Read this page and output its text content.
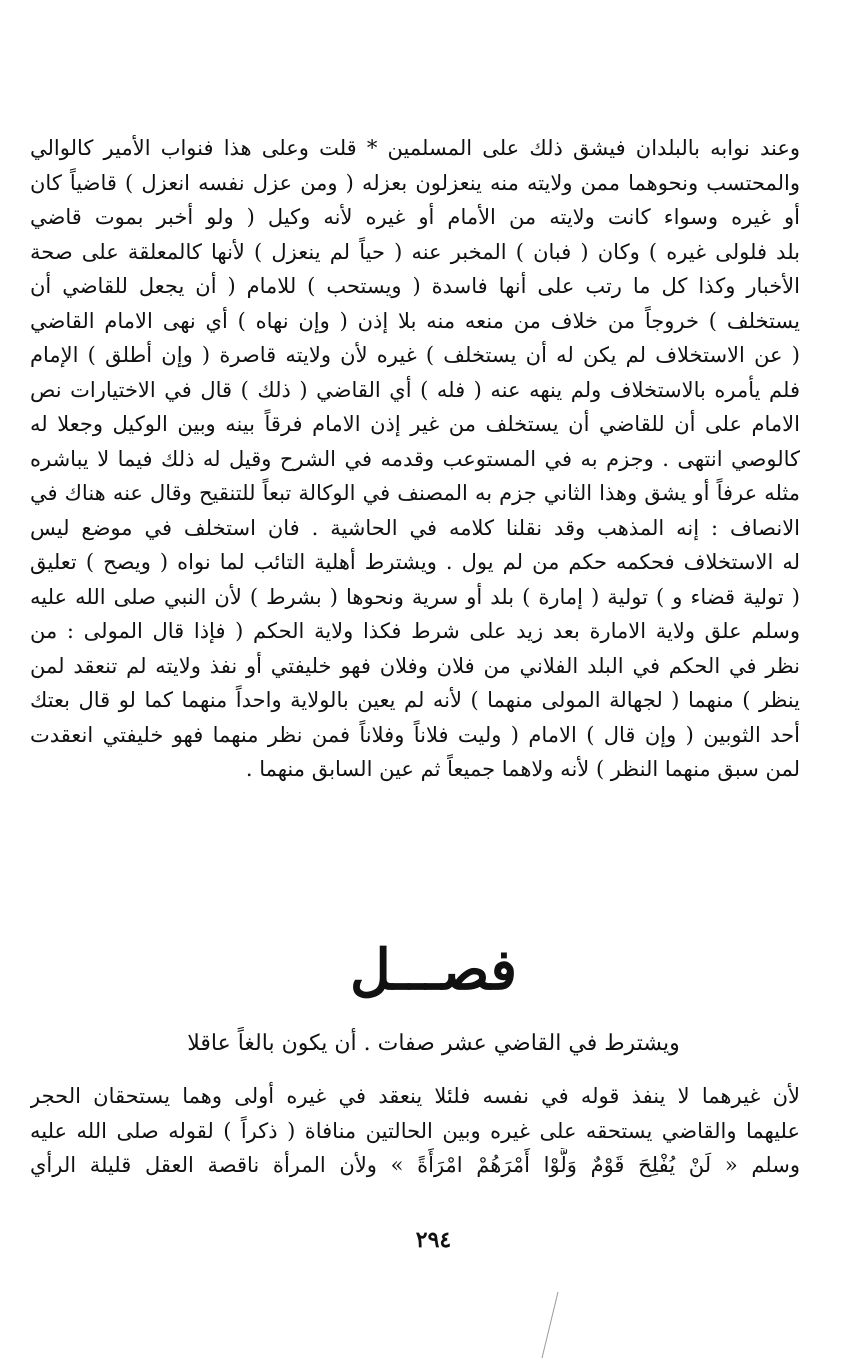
وعند نوابه بالبلدان فيشق ذلك على المسلمين * قلت وعلى هذا فنواب الأمير كالوالي
والمحتسب ونحوهما ممن ولايته منه ينعزلون بعزله ( ومن عزل نفسه انعزل ) قاضياً كان
أو غيره وسواء كانت ولايته من الأمام أو غيره لأنه وكيل ( ولو أخبر بموت قاضي
بلد فلولى غيره ) وكان ( فبان ) المخبر عنه ( حياً لم ينعزل ) لأنها كالمعلقة على صحة
الأخبار وكذا كل ما رتب على أنها فاسدة ( ويستحب ) للامام ( أن يجعل للقاضي أن
يستخلف ) خروجاً من خلاف من منعه منه بلا إذن ( وإن نهاه ) أي نهى الامام القاضي
( عن الاستخلاف لم يكن له أن يستخلف ) غيره لأن ولايته قاصرة ( وإن أطلق ) الإمام
فلم يأمره بالاستخلاف ولم ينهه عنه ( فله ) أي القاضي ( ذلك ) قال في الاختيارات نص
الامام على أن للقاضي أن يستخلف من غير إذن الامام فرقاً بينه وبين الوكيل وجعلا له
كالوصي انتهى . وجزم به في المستوعب وقدمه في الشرح وقيل له ذلك فيما لا يباشره
مثله عرفاً أو يشق وهذا الثاني جزم به المصنف في الوكالة تبعاً للتنقيح وقال عنه هناك في
الانصاف : إنه المذهب وقد نقلنا كلامه في الحاشية . فان استخلف في موضع ليس
له الاستخلاف فحكمه حكم من لم يول . ويشترط أهلية التائب لما نواه ( ويصح ) تعليق
( تولية قضاء و ) تولية ( إمارة ) بلد أو سرية ونحوها ( بشرط ) لأن النبي صلى الله عليه
وسلم علق ولاية الامارة بعد زيد على شرط فكذا ولاية الحكم ( فإذا قال المولى : من
نظر في الحكم في البلد الفلاني من فلان وفلان فهو خليفتي أو نفذ ولايته لم تنعقد لمن
ينظر ) منهما ( لجهالة المولى منهما ) لأنه لم يعين بالولاية واحداً منهما كما لو قال بعتك
أحد الثوبين ( وإن قال ) الامام ( وليت فلاناً وفلاناً فمن نظر منهما فهو خليفتي انعقدت
لمن سبق منهما النظر ) لأنه ولاهما جميعاً ثم عين السابق منهما .
فصـــل
ويشترط في القاضي عشر صفات . أن يكون بالغاً عاقلا
لأن غيرهما لا ينفذ قوله في نفسه فلئلا ينعقد في غيره أولى وهما يستحقان الحجر
عليهما والقاضي يستحقه على غيره وبين الحالتين منافاة ( ذكراً ) لقوله صلى الله عليه
وسلم « لَنْ يُفْلِحَ قَوْمٌ وَلَّوْا أَمْرَهُمْ امْرَأَةً » ولأن المرأة ناقصة العقل قليلة الرأي
٢٩٤
